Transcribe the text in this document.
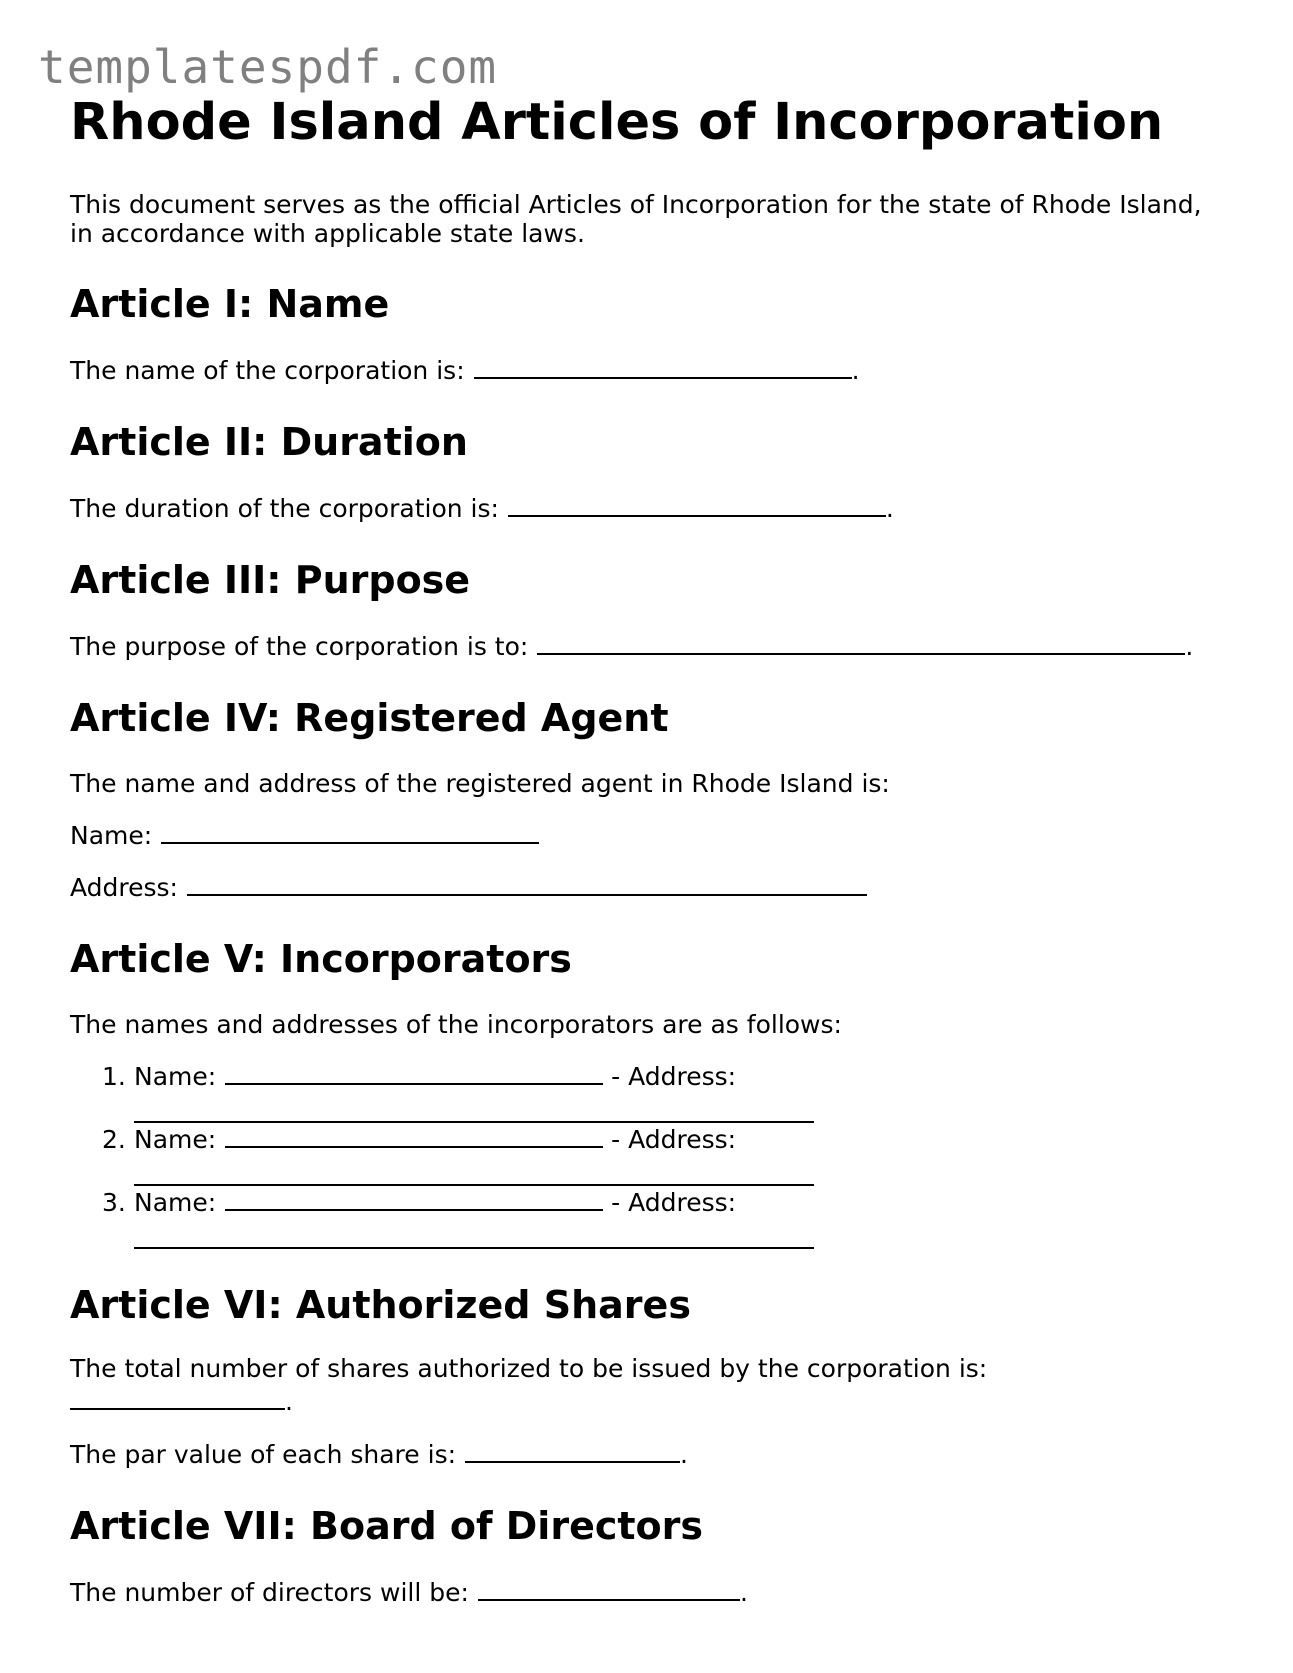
templatespdf.com
Rhode Island Articles of Incorporation

This document serves as the official Articles of Incorporation for the state of Rhode Island, in accordance with applicable state laws.

Article I: Name

The name of the corporation is:	.

Article II: Duration

The duration of the corporation is:	.

Article III: Purpose

The purpose of the corporation is to:	.

Article IV: Registered Agent

The name and address of the registered agent in Rhode Island is:

Name:

Address:

Article V: Incorporators

The names and addresses of the incorporators are as follows:

1. Name:	- Address:
2. Name:	- Address:
3. Name:	- Address:
Article VI: Authorized Shares

The total number of shares authorized to be issued by the corporation is:
.

The par value of each share is:	.

Article VII: Board of Directors

The number of directors will be:	.
